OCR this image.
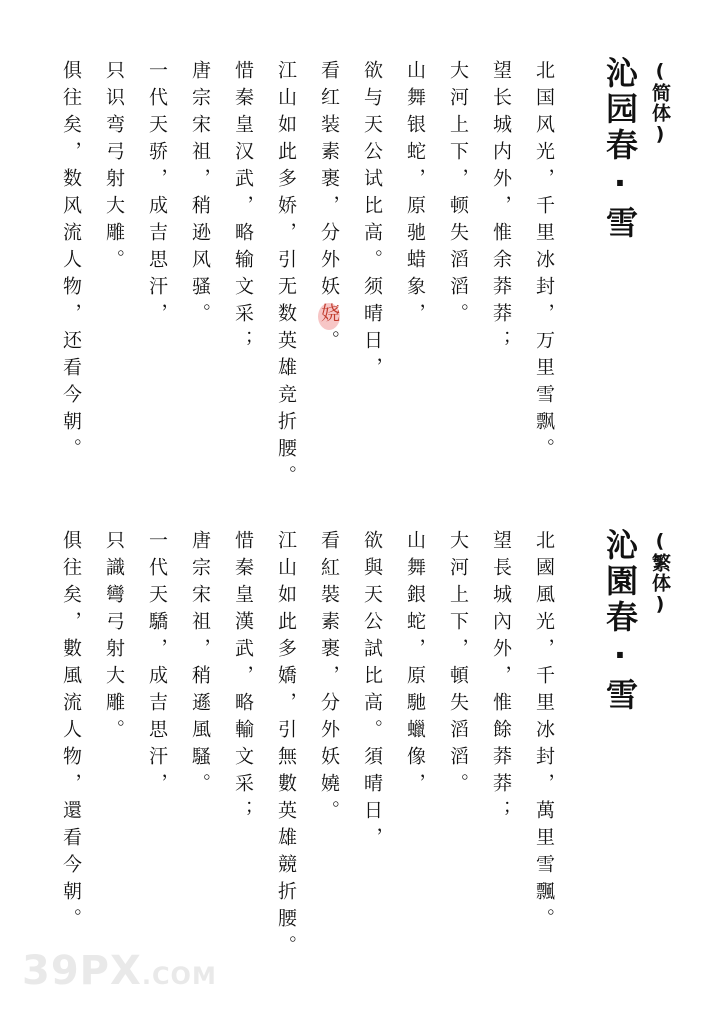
(简体)
沁园春·雪
北国风光，千里冰封，万里雪飘。
望长城内外，惟余莽莽；
大河上下，顿失滔滔。
山舞银蛇，原驰蜡象，
欲与天公试比高。须晴日，
看红装素裹，分外妖娆。
江山如此多娇，引无数英雄竞折腰。
惜秦皇汉武，略输文采；
唐宗宋祖，稍逊风骚。
一代天骄，成吉思汗，
只识弯弓射大雕。
俱往矣，数风流人物，还看今朝。
(繁体)
沁園春·雪
北國風光，千里冰封，萬里雪飄。
望長城內外，惟餘莽莽；
大河上下，頓失滔滔。
山舞銀蛇，原馳蠟像，
欲與天公試比高。須晴日，
看紅裝素裹，分外妖嬈。
江山如此多嬌，引無數英雄競折腰。
惜秦皇漢武，略輸文采；
唐宗宋祖，稍遜風騷。
一代天驕，成吉思汗，
只識彎弓射大雕。
俱往矣，數風流人物，還看今朝。
39PX.COM
